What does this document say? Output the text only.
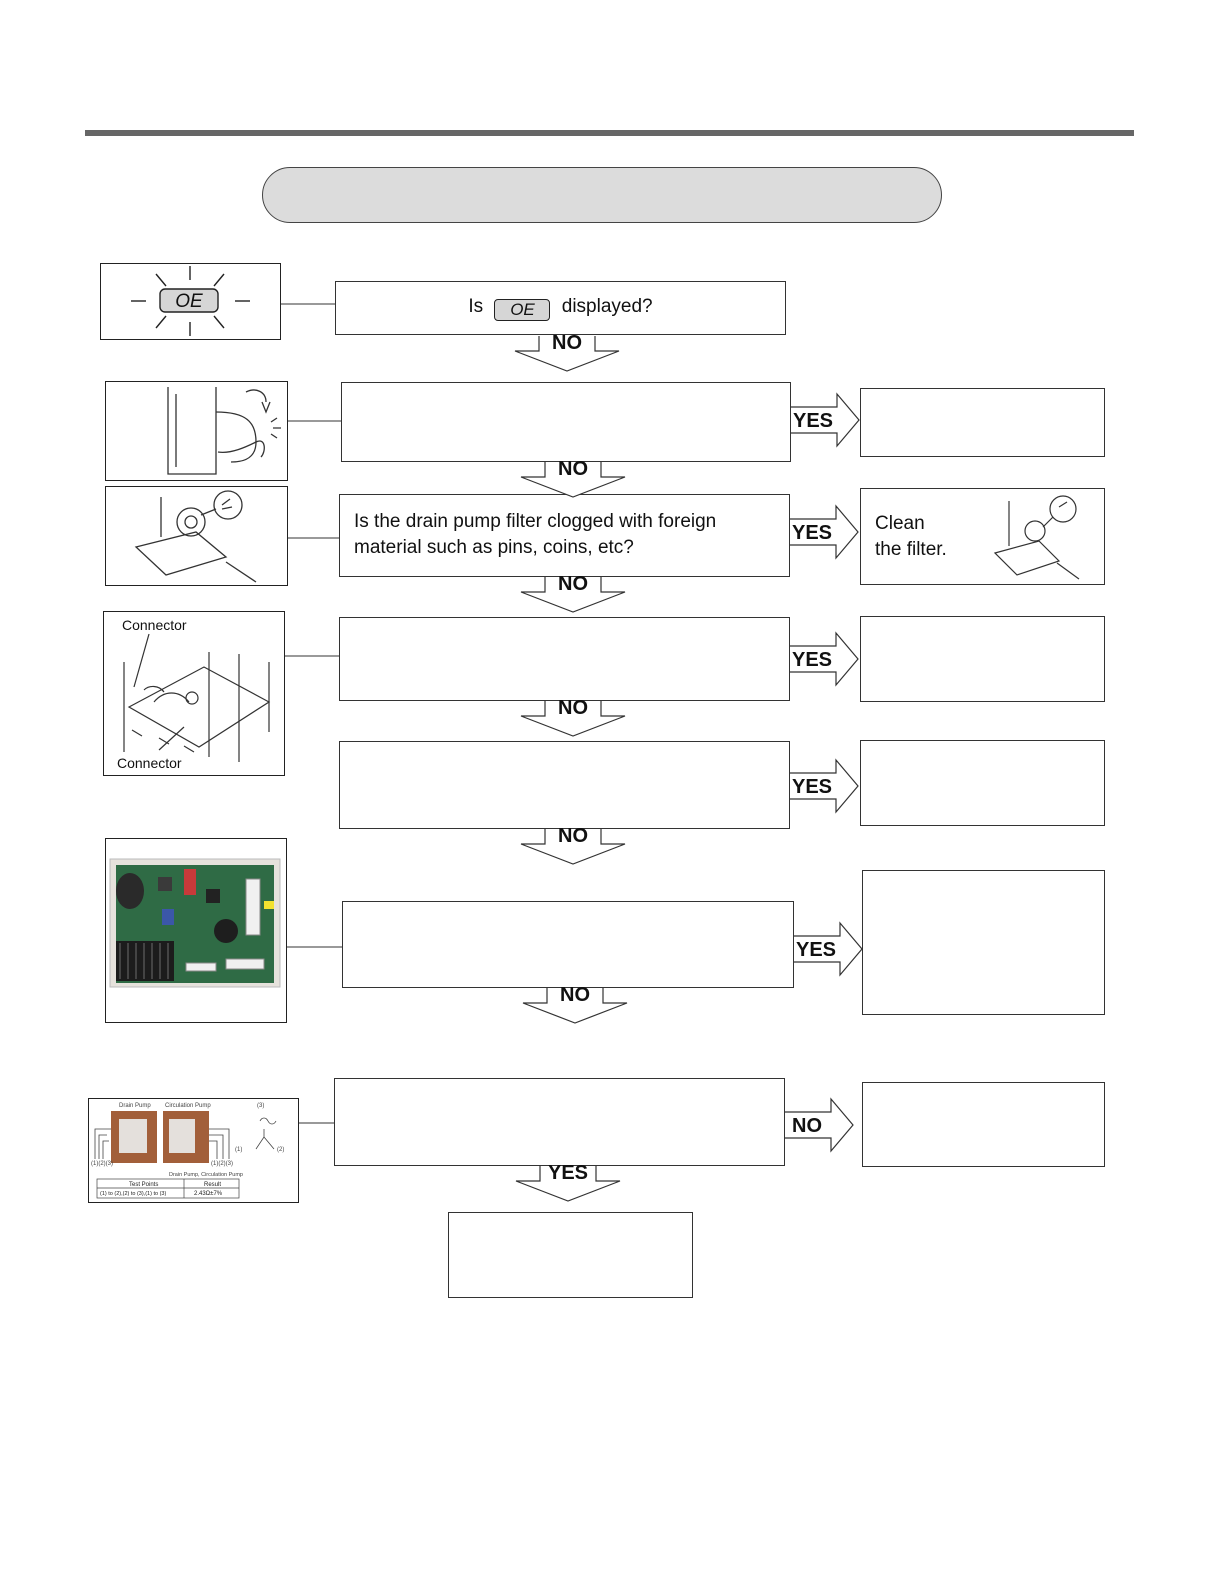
OE	Is OE displayed?
Is the drain pump filter clogged with foreign
material such as pins, coins, etc?
Clean
the filter.
Connector
Connector
Drain Pump Circulation Pump	(3)
(1)	(2)
(1)(2)(3)	(1)(2)(3)
Drain Pump, Circulation Pump
Test Points	Result
(1) to (2),(2) to (3),(1) to (3)	2.43Ω±7%
NO
NO
NO
NO
NO
NO
YES
YES
YES
YES
YES
YES
NO
